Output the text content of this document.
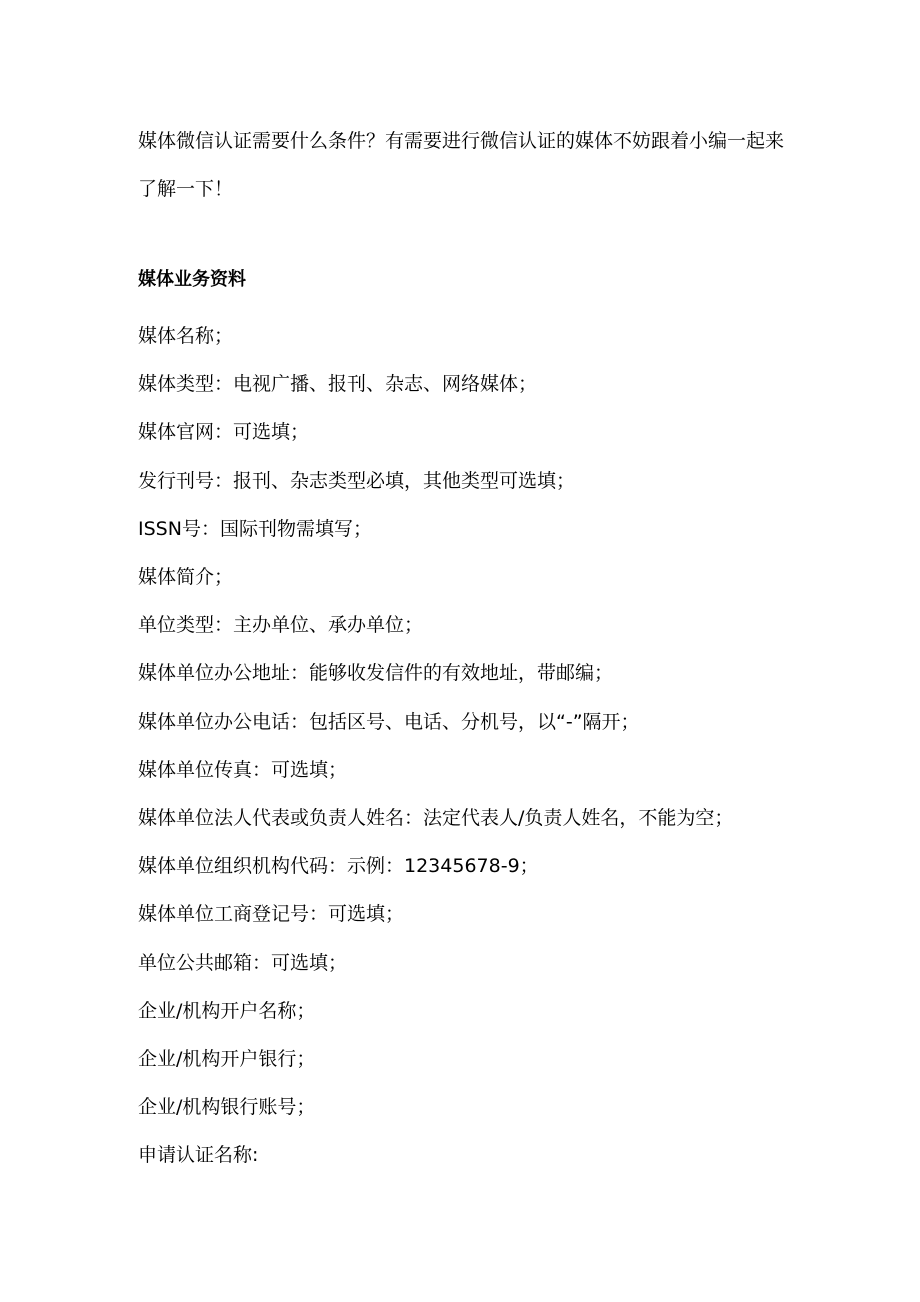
媒体微信认证需要什么条件？有需要进行微信认证的媒体不妨跟着小编一起来了解一下！

媒体业务资料
媒体名称；
媒体类型：电视广播、报刊、杂志、网络媒体；
媒体官网：可选填；
发行刊号：报刊、杂志类型必填，其他类型可选填；
ISSN号：国际刊物需填写；
媒体简介；
单位类型：主办单位、承办单位；
媒体单位办公地址：能够收发信件的有效地址，带邮编；
媒体单位办公电话：包括区号、电话、分机号，以“-”隔开；
媒体单位传真：可选填；
媒体单位法人代表或负责人姓名：法定代表人/负责人姓名，不能为空；
媒体单位组织机构代码：示例：12345678-9；
媒体单位工商登记号：可选填；
单位公共邮箱：可选填；
企业/机构开户名称；
企业/机构开户银行；
企业/机构银行账号；
申请认证名称:
